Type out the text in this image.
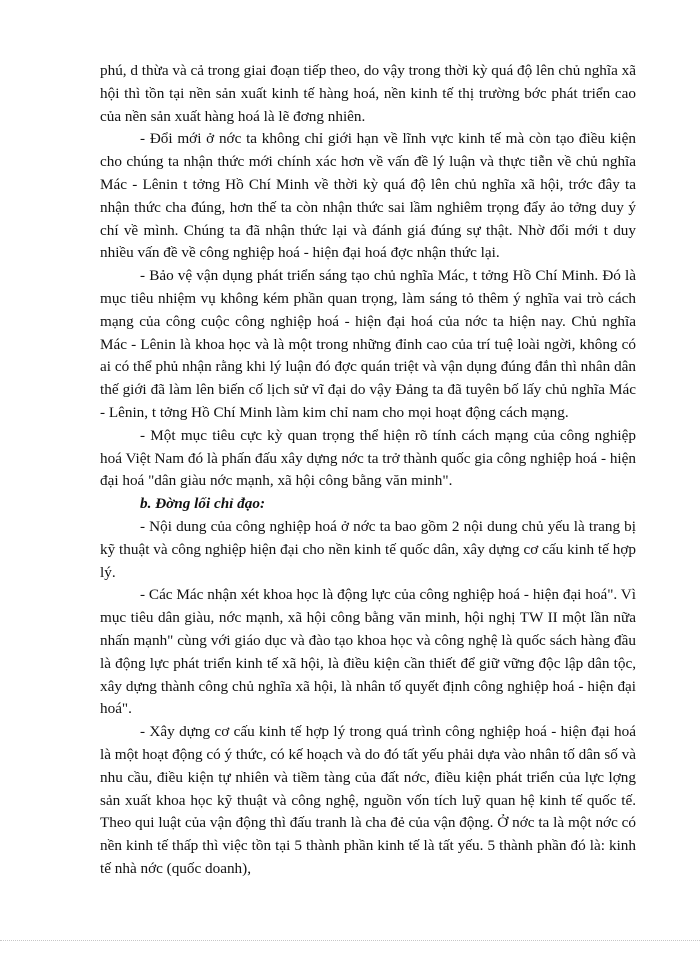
phú, d thừa và cả trong giai đoạn tiếp theo, do vậy trong thời kỳ quá độ lên chủ nghĩa xã hội thì tồn tại nền sản xuất kinh tế hàng hoá, nền kinh tế thị trường bớc phát triển cao của nền sản xuất hàng hoá là lẽ đơng nhiên.

- Đổi mới ở nớc ta không chỉ giới hạn về lĩnh vực kinh tế mà còn tạo điều kiện cho chúng ta nhận thức mới chính xác hơn về vấn đề lý luận và thực tiễn về chủ nghĩa Mác - Lênin t tởng Hồ Chí Minh về thời kỳ quá độ lên chủ nghĩa xã hội, trớc đây ta nhận thức cha đúng, hơn thế ta còn nhận thức sai lầm nghiêm trọng đẩy ảo tởng duy ý chí về mình. Chúng ta đã nhận thức lại và đánh giá đúng sự thật. Nhờ đổi mới t duy nhiều vấn đề về công nghiệp hoá - hiện đại hoá đợc nhận thức lại.

- Bảo vệ vận dụng phát triển sáng tạo chủ nghĩa Mác, t tởng Hồ Chí Minh. Đó là mục tiêu nhiệm vụ không kém phần quan trọng, làm sáng tỏ thêm ý nghĩa vai trò cách mạng của công cuộc công nghiệp hoá - hiện đại hoá của nớc ta hiện nay. Chủ nghĩa Mác - Lênin là khoa học và là một trong những đỉnh cao của trí tuệ loài ngời, không có ai có thể phủ nhận rằng khi lý luận đó đợc quán triệt và vận dụng đúng đắn thì nhân dân thế giới đã làm lên biến cố lịch sử vĩ đại do vậy Đảng ta đã tuyên bố lấy chủ nghĩa Mác - Lênin, t tởng Hồ Chí Minh làm kim chỉ nam cho mọi hoạt động cách mạng.

- Một mục tiêu cực kỳ quan trọng thể hiện rõ tính cách mạng của công nghiệp hoá Việt Nam đó là phấn đấu xây dựng nớc ta trở thành quốc gia công nghiệp hoá - hiện đại hoá "dân giàu nớc mạnh, xã hội công bằng văn minh".

b. Đờng lối chỉ đạo:

- Nội dung của công nghiệp hoá ở nớc ta bao gồm 2 nội dung chủ yếu là trang bị kỹ thuật và công nghiệp hiện đại cho nền kinh tế quốc dân, xây dựng cơ cấu kinh tế hợp lý.

- Các Mác nhận xét khoa học là động lực của công nghiệp hoá - hiện đại hoá". Vì mục tiêu dân giàu, nớc mạnh, xã hội công bằng văn minh, hội nghị TW II một lần nữa nhấn mạnh" cùng với giáo dục và đào tạo khoa học và công nghệ là quốc sách hàng đầu là động lực phát triển kinh tế xã hội, là điều kiện cần thiết để giữ vững độc lập dân tộc, xây dựng thành công chủ nghĩa xã hội, là nhân tố quyết định công nghiệp hoá - hiện đại hoá".

- Xây dựng cơ cấu kinh tế hợp lý trong quá trình công nghiệp hoá - hiện đại hoá là một hoạt động có ý thức, có kế hoạch và do đó tất yếu phải dựa vào nhân tố dân số và nhu cầu, điều kiện tự nhiên và tiềm tàng của đất nớc, điều kiện phát triển của lực lợng sản xuất khoa học kỹ thuật và công nghệ, nguồn vốn tích luỹ quan hệ kinh tế quốc tế. Theo qui luật của vận động thì đấu tranh là cha đẻ của vận động. Ở nớc ta là một nớc có nền kinh tế thấp thì việc tồn tại 5 thành phần kinh tế là tất yếu. 5 thành phần đó là: kinh tế nhà nớc (quốc doanh),
